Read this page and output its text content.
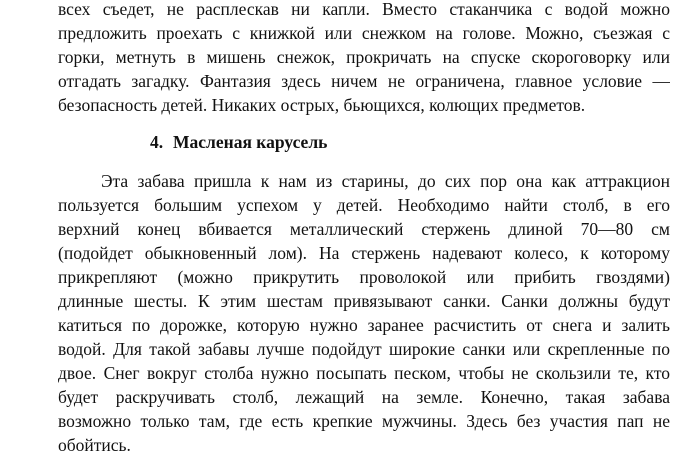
всех съедет, не расплескав ни капли. Вместо стаканчика с водой можно

предложить проехать с книжкой или снежком на голове. Можно, съезжая с

горки, метнуть в мишень снежок, прокричать на спуске скороговорку или

отгадать загадку. Фантазия здесь ничем не ограничена, главное условие —

безопасность детей. Никаких острых, бьющихся, колющих предметов.

4. Масленая карусель

Эта забава пришла к нам из старины, до сих пор она как аттракцион

пользуется большим успехом у детей. Необходимо найти столб, в его

верхний конец вбивается металлический стержень длиной 70—80 см

(подойдет обыкновенный лом). На стержень надевают колесо, к которому

прикрепляют (можно прикрутить проволокой или прибить гвоздями)

длинные шесты. К этим шестам привязывают санки. Санки должны будут

катиться по дорожке, которую нужно заранее расчистить от снега и залить

водой. Для такой забавы лучше подойдут широкие санки или скрепленные по

двое. Снег вокруг столба нужно посыпать песком, чтобы не скользили те, кто

будет раскручивать столб, лежащий на земле. Конечно, такая забава

возможно только там, где есть крепкие мужчины. Здесь без участия пап не

обойтись.
